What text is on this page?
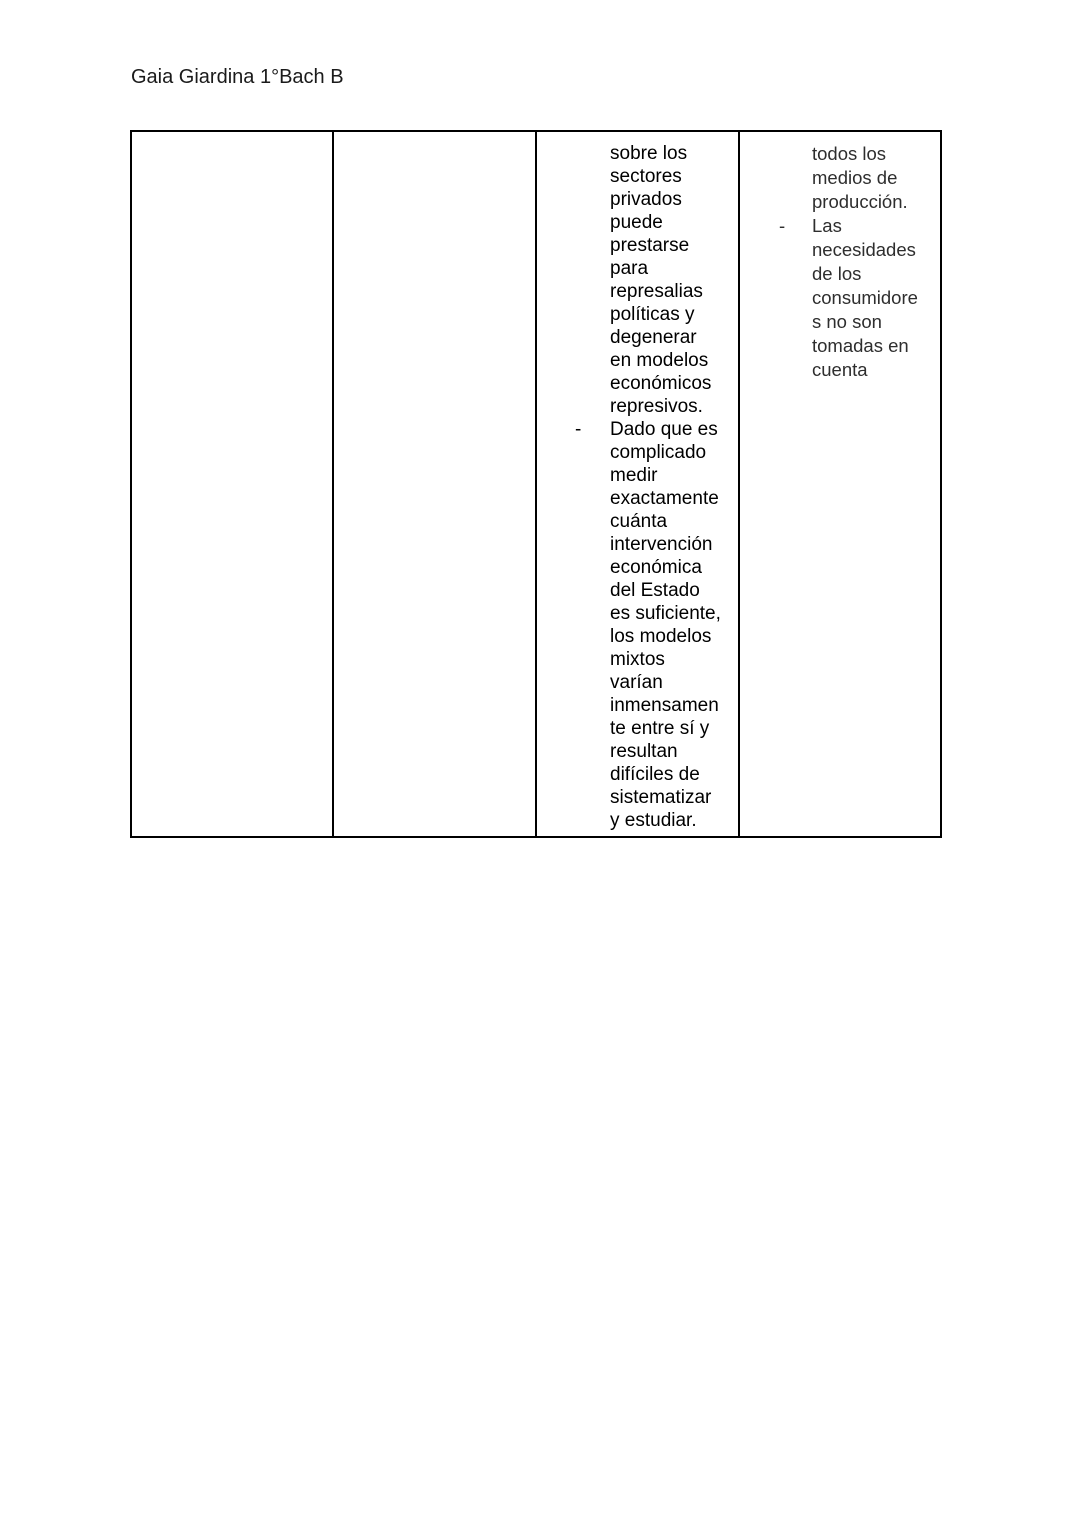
Gaia Giardina 1°Bach B
sobre los
sectores
privados
puede
prestarse
para
represalias
políticas y
degenerar
en modelos
económicos
represivos.
- Dado que es
complicado
medir
exactamente
cuánta
intervención
económica
del Estado
es suficiente,
los modelos
mixtos
varían
inmensamen
te entre sí y
resultan
difíciles de
sistematizar
y estudiar.
todos los
medios de
producción.
- Las
necesidades
de los
consumidore
s no son
tomadas en
cuenta
